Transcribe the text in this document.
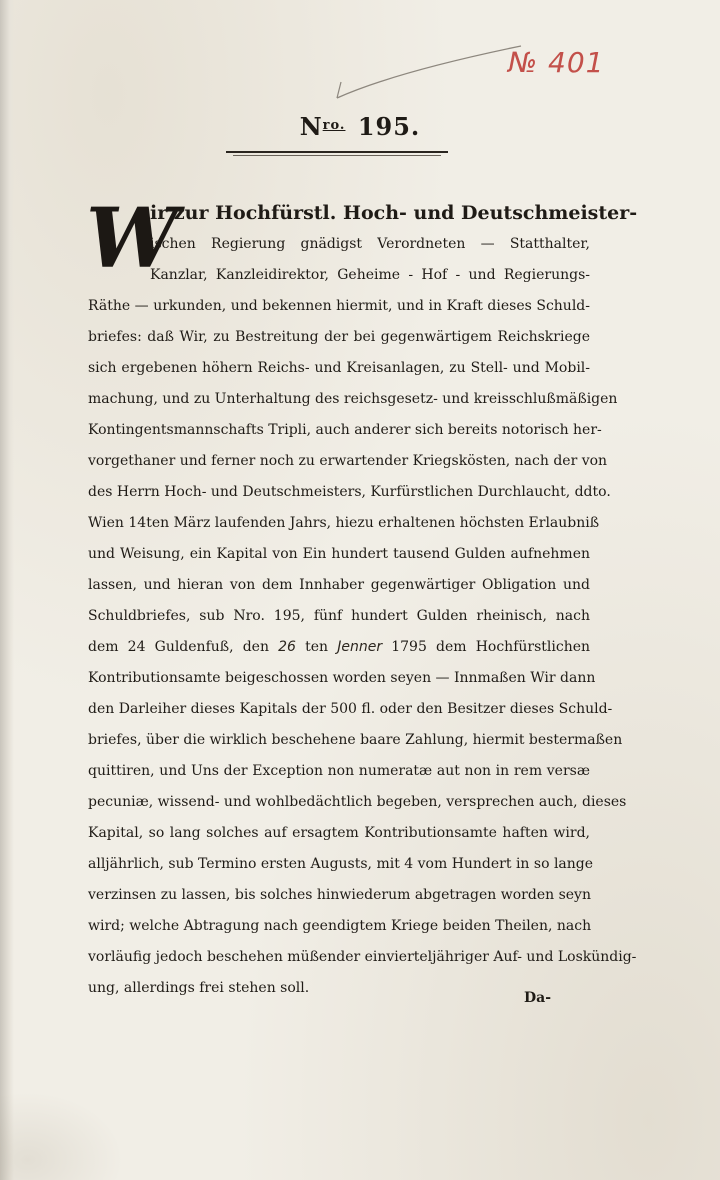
№ 401
$N^{ro.}$ 195.
W
ir zur Hochfürstl. Hoch- und Deutschmeister-
ischen Regierung gnädigst Verordneten — Statthalter,
Kanzlar, Kanzleidirektor, Geheime - Hof - und Regierungs-
Räthe — urkunden, und bekennen hiermit, und in Kraft dieses Schuld-
briefes: daß Wir, zu Bestreitung der bei gegenwärtigem Reichskriege
sich ergebenen höhern Reichs- und Kreisanlagen, zu Stell- und Mobil-
machung, und zu Unterhaltung des reichsgesetz- und kreisschlußmäßigen
Kontingentsmannschafts Tripli, auch anderer sich bereits notorisch her-
vorgethaner und ferner noch zu erwartender Kriegskösten, nach der von
des Herrn Hoch- und Deutschmeisters, Kurfürstlichen Durchlaucht, ddto.
Wien 14ten März laufenden Jahrs, hiezu erhaltenen höchsten Erlaubniß
und Weisung, ein Kapital von Ein hundert tausend Gulden aufnehmen
lassen, und hieran von dem Innhaber gegenwärtiger Obligation und
Schuldbriefes, sub Nro. 195, fünf hundert Gulden rheinisch, nach
dem 24 Guldenfuß, den 26 ten Jenner 1795 dem Hochfürstlichen
Kontributionsamte beigeschossen worden seyen — Innmaßen Wir dann
den Darleiher dieses Kapitals der 500 fl. oder den Besitzer dieses Schuld-
briefes, über die wirklich beschehene baare Zahlung, hiermit bestermaßen
quittiren, und Uns der Exception non numeratæ aut non in rem versæ
pecuniæ, wissend- und wohlbedächtlich begeben, versprechen auch, dieses
Kapital, so lang solches auf ersagtem Kontributionsamte haften wird,
alljährlich, sub Termino ersten Augusts, mit 4 vom Hundert in so lange
verzinsen zu lassen, bis solches hinwiederum abgetragen worden seyn
wird; welche Abtragung nach geendigtem Kriege beiden Theilen, nach
vorläufig jedoch beschehen müßender einvierteljähriger Auf- und Loskündig-
ung, allerdings frei stehen soll.
Da-
